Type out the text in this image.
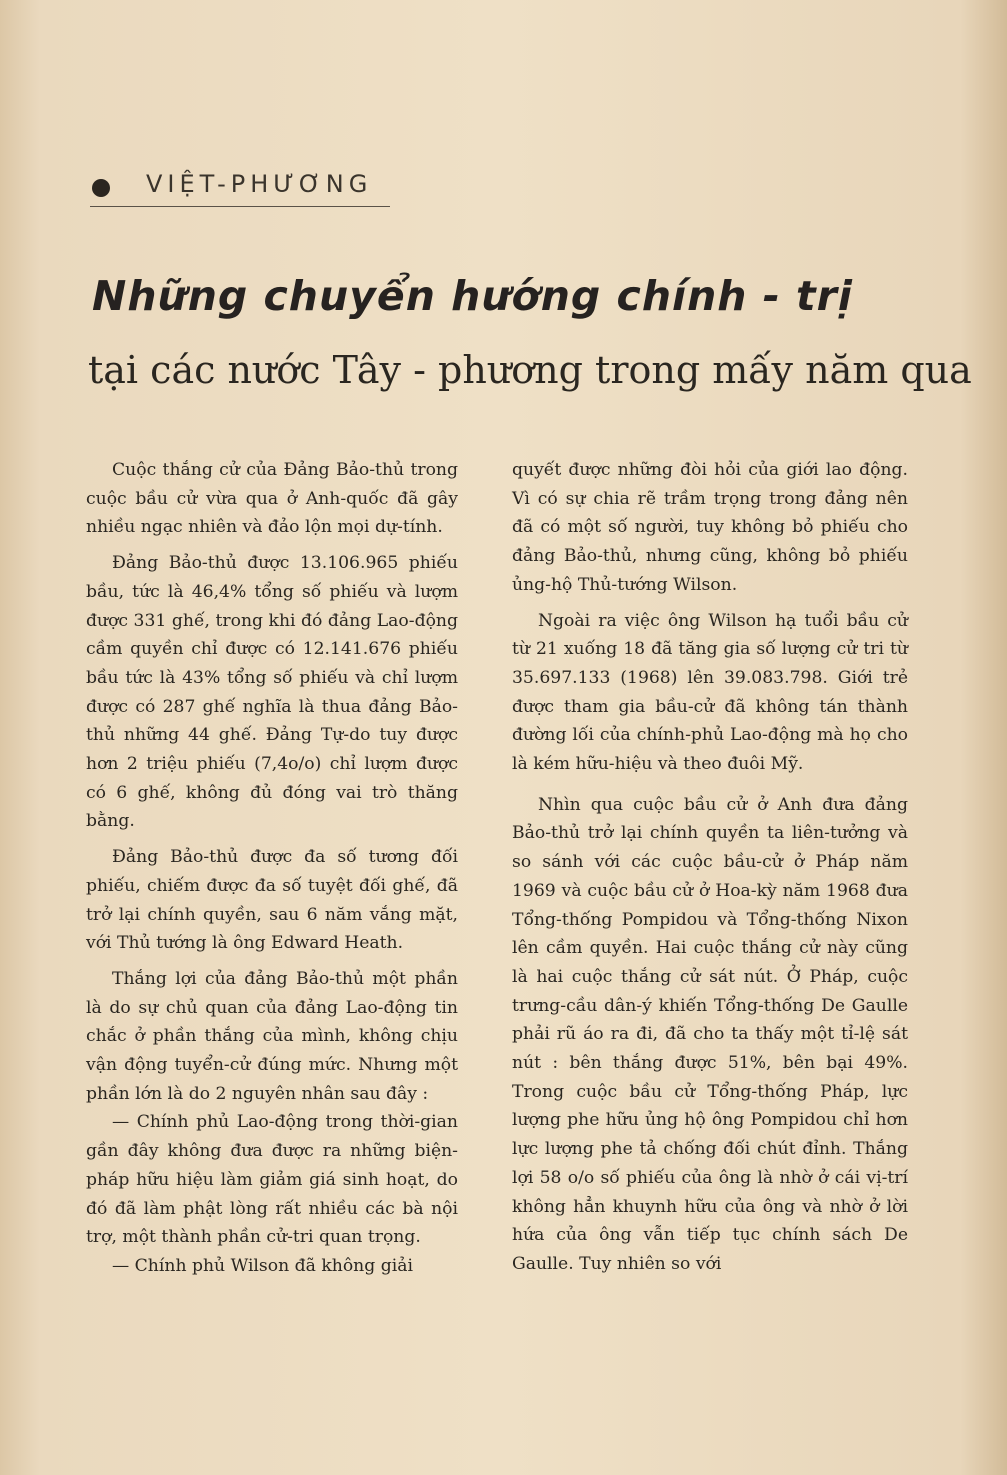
VIỆT-PHƯƠNG
Những chuyển hướng chính - trị
tại các nước Tây - phương trong mấy năm qua

Cuộc thắng cử của Đảng Bảo-thủ trong cuộc bầu cử vừa qua ở Anh-quốc đã gây nhiều ngạc nhiên và đảo lộn mọi dự-tính.

Đảng Bảo-thủ được 13.106.965 phiếu bầu, tức là 46,4% tổng số phiếu và lượm được 331 ghế, trong khi đó đảng Lao-động cầm quyền chỉ được có 12.141.676 phiếu bầu tức là 43% tổng số phiếu và chỉ lượm được có 287 ghế nghĩa là thua đảng Bảo-thủ những 44 ghế. Đảng Tự-do tuy được hơn 2 triệu phiếu (7,4o/o) chỉ lượm được có 6 ghế, không đủ đóng vai trò thăng bằng.

Đảng Bảo-thủ được đa số tương đối phiếu, chiếm được đa số tuyệt đối ghế, đã trở lại chính quyền, sau 6 năm vắng mặt, với Thủ tướng là ông Edward Heath.

Thắng lợi của đảng Bảo-thủ một phần là do sự chủ quan của đảng Lao-động tin chắc ở phần thắng của mình, không chịu vận động tuyển-cử đúng mức. Nhưng một phần lớn là do 2 nguyên nhân sau đây :

— Chính phủ Lao-động trong thời-gian gần đây không đưa được ra những biện-pháp hữu hiệu làm giảm giá sinh hoạt, do đó đã làm phật lòng rất nhiều các bà nội trợ, một thành phần cử-tri quan trọng.

— Chính phủ Wilson đã không giải

quyết được những đòi hỏi của giới lao động. Vì có sự chia rẽ trầm trọng trong đảng nên đã có một số người, tuy không bỏ phiếu cho đảng Bảo-thủ, nhưng cũng, không bỏ phiếu ủng-hộ Thủ-tướng Wilson.

Ngoài ra việc ông Wilson hạ tuổi bầu cử từ 21 xuống 18 đã tăng gia số lượng cử tri từ 35.697.133 (1968) lên 39.083.798. Giới trẻ được tham gia bầu-cử đã không tán thành đường lối của chính-phủ Lao-động mà họ cho là kém hữu-hiệu và theo đuôi Mỹ.

Nhìn qua cuộc bầu cử ở Anh đưa đảng Bảo-thủ trở lại chính quyền ta liên-tưởng và so sánh với các cuộc bầu-cử ở Pháp năm 1969 và cuộc bầu cử ở Hoa-kỳ năm 1968 đưa Tổng-thống Pompidou và Tổng-thống Nixon lên cầm quyền. Hai cuộc thắng cử này cũng là hai cuộc thắng cử sát nút. Ở Pháp, cuộc trưng-cầu dân-ý khiến Tổng-thống De Gaulle phải rũ áo ra đi, đã cho ta thấy một tỉ-lệ sát nút : bên thắng được 51%, bên bại 49%. Trong cuộc bầu cử Tổng-thống Pháp, lực lượng phe hữu ủng hộ ông Pompidou chỉ hơn lực lượng phe tả chống đối chút đỉnh. Thắng lợi 58 o/o số phiếu của ông là nhờ ở cái vị-trí không hẳn khuynh hữu của ông và nhờ ở lời hứa của ông vẫn tiếp tục chính sách De Gaulle. Tuy nhiên so với
